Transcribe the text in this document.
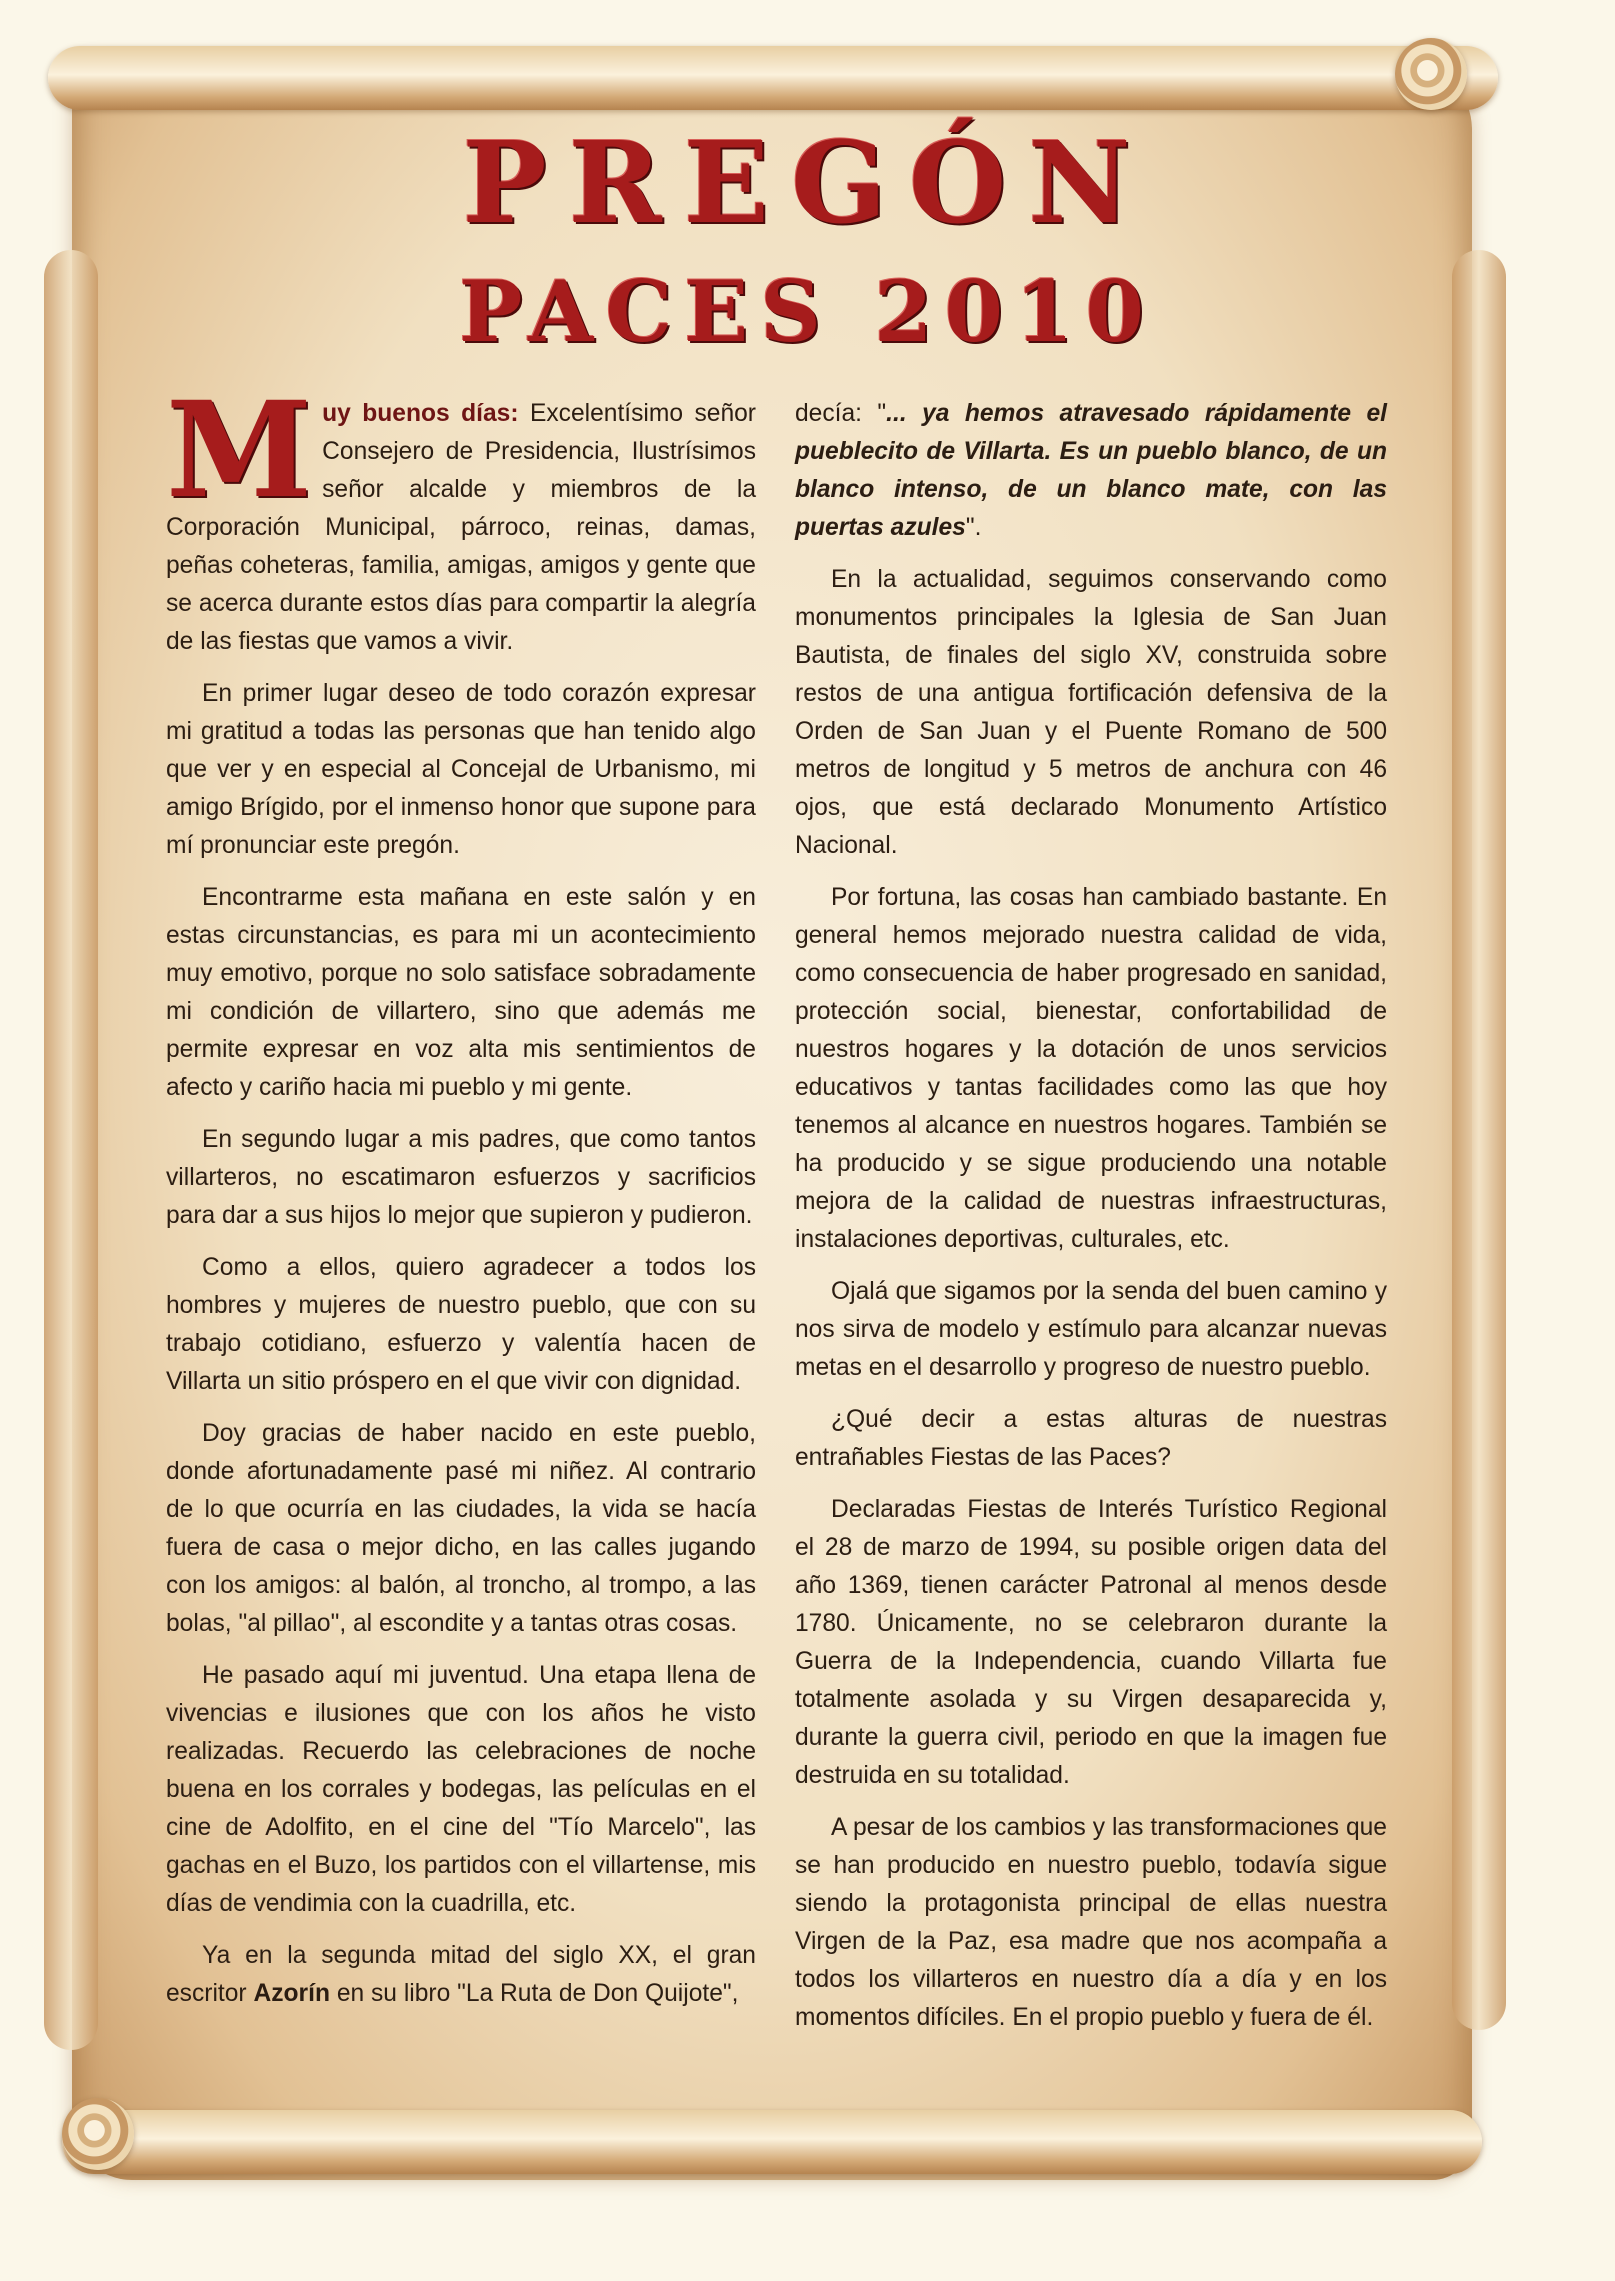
PREGÓN
PACES 2010

Muy buenos días: Excelentísimo señor Consejero de Presidencia, Ilustrísimos señor alcalde y miembros de la Corporación Municipal, párroco, reinas, damas, peñas coheteras, familia, amigas, amigos y gente que se acerca durante estos días para compartir la alegría de las fiestas que vamos a vivir.

En primer lugar deseo de todo corazón expresar mi gratitud a todas las personas que han tenido algo que ver y en especial al Concejal de Urbanismo, mi amigo Brígido, por el inmenso honor que supone para mí pronunciar este pregón.

Encontrarme esta mañana en este salón y en estas circunstancias, es para mi un acontecimiento muy emotivo, porque no solo satisface sobradamente mi condición de villartero, sino que además me permite expresar en voz alta mis sentimientos de afecto y cariño hacia mi pueblo y mi gente.

En segundo lugar a mis padres, que como tantos villarteros, no escatimaron esfuerzos y sacrificios para dar a sus hijos lo mejor que supieron y pudieron.

Como a ellos, quiero agradecer a todos los hombres y mujeres de nuestro pueblo, que con su trabajo cotidiano, esfuerzo y valentía hacen de Villarta un sitio próspero en el que vivir con dignidad.

Doy gracias de haber nacido en este pueblo, donde afortunadamente pasé mi niñez. Al contrario de lo que ocurría en las ciudades, la vida se hacía fuera de casa o mejor dicho, en las calles jugando con los amigos: al balón, al troncho, al trompo, a las bolas, "al pillao", al escondite y a tantas otras cosas.

He pasado aquí mi juventud. Una etapa llena de vivencias e ilusiones que con los años he visto realizadas. Recuerdo las celebraciones de noche buena en los corrales y bodegas, las películas en el cine de Adolfito, en el cine del "Tío Marcelo", las gachas en el Buzo, los partidos con el villartense, mis días de vendimia con la cuadrilla, etc.

Ya en la segunda mitad del siglo XX, el gran escritor Azorín en su libro "La Ruta de Don Quijote",

decía: "... ya hemos atravesado rápidamente el pueblecito de Villarta. Es un pueblo blanco, de un blanco intenso, de un blanco mate, con las puertas azules".

En la actualidad, seguimos conservando como monumentos principales la Iglesia de San Juan Bautista, de finales del siglo XV, construida sobre restos de una antigua fortificación defensiva de la Orden de San Juan y el Puente Romano de 500 metros de longitud y 5 metros de anchura con 46 ojos, que está declarado Monumento Artístico Nacional.

Por fortuna, las cosas han cambiado bastante. En general hemos mejorado nuestra calidad de vida, como consecuencia de haber progresado en sanidad, protección social, bienestar, confortabilidad de nuestros hogares y la dotación de unos servicios educativos y tantas facilidades como las que hoy tenemos al alcance en nuestros hogares. También se ha producido y se sigue produciendo una notable mejora de la calidad de nuestras infraestructuras, instalaciones deportivas, culturales, etc.

Ojalá que sigamos por la senda del buen camino y nos sirva de modelo y estímulo para alcanzar nuevas metas en el desarrollo y progreso de nuestro pueblo.

¿Qué decir a estas alturas de nuestras entrañables Fiestas de las Paces?

Declaradas Fiestas de Interés Turístico Regional el 28 de marzo de 1994, su posible origen data del año 1369, tienen carácter Patronal al menos desde 1780. Únicamente, no se celebraron durante la Guerra de la Independencia, cuando Villarta fue totalmente asolada y su Virgen desaparecida y, durante la guerra civil, periodo en que la imagen fue destruida en su totalidad.

A pesar de los cambios y las transformaciones que se han producido en nuestro pueblo, todavía sigue siendo la protagonista principal de ellas nuestra Virgen de la Paz, esa madre que nos acompaña a todos los villarteros en nuestro día a día y en los momentos difíciles. En el propio pueblo y fuera de él.
